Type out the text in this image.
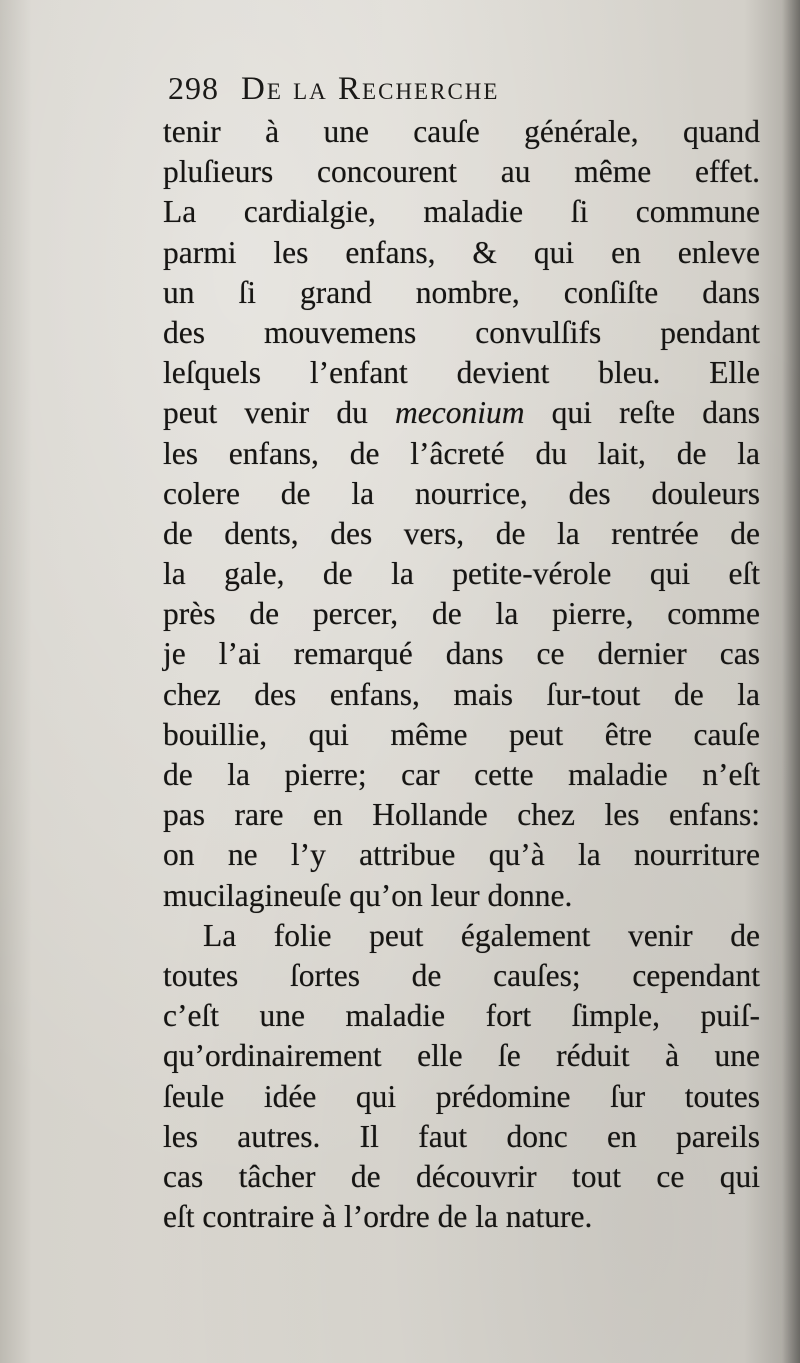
298 De la Recherche
tenir à une cauſe générale, quand
pluſieurs concourent au même effet.
La cardialgie, maladie ſi commune
parmi les enfans, & qui en enleve
un ſi grand nombre, conſiſte dans
des mouvemens convulſifs pendant
leſquels l’enfant devient bleu. Elle
peut venir du meconium qui reſte dans
les enfans, de l’âcreté du lait, de la
colere de la nourrice, des douleurs
de dents, des vers, de la rentrée de
la gale, de la petite-vérole qui eſt
près de percer, de la pierre, comme
je l’ai remarqué dans ce dernier cas
chez des enfans, mais ſur-tout de la
bouillie, qui même peut être cauſe
de la pierre; car cette maladie n’eſt
pas rare en Hollande chez les enfans:
on ne l’y attribue qu’à la nourriture
mucilagineuſe qu’on leur donne.
La folie peut également venir de
toutes ſortes de cauſes; cependant
c’eſt une maladie fort ſimple, puiſ-
qu’ordinairement elle ſe réduit à une
ſeule idée qui prédomine ſur toutes
les autres. Il faut donc en pareils
cas tâcher de découvrir tout ce qui
eſt contraire à l’ordre de la nature.
